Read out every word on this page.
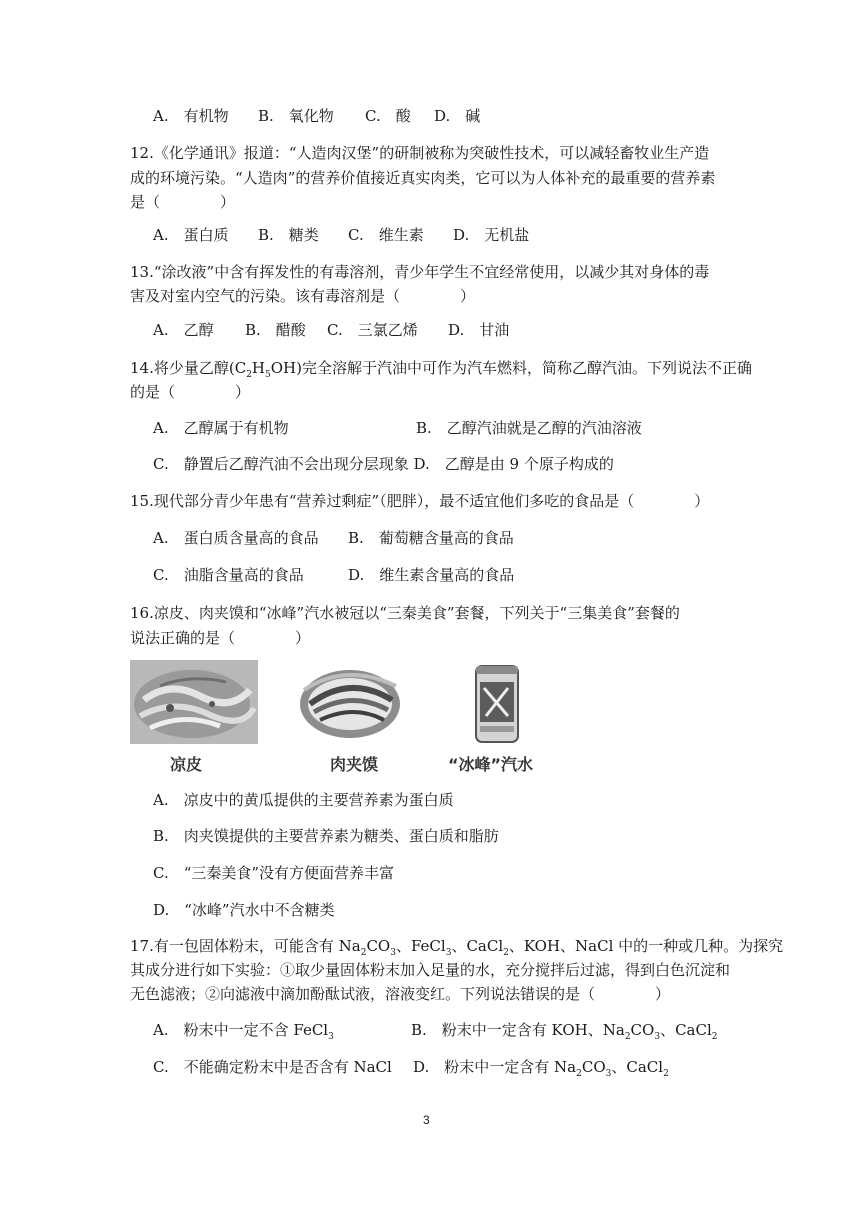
A.　有机物 B.　氧化物 C.　酸 D.　碱
12.《化学通讯》报道：“人造肉汉堡”的研制被称为突破性技术，可以减轻畜牧业生产造
成的环境污染。“人造肉”的营养价值接近真实肉类，它可以为人体补充的最重要的营养素
是（　　　　）
A.　蛋白质 B.　糖类 C.　维生素 D.　无机盐
13.“涂改液”中含有挥发性的有毒溶剂，青少年学生不宜经常使用，以减少其对身体的毒
害及对室内空气的污染。该有毒溶剂是（　　　　）
A.　乙醇 B.　醋酸 C.　三氯乙烯 D.　甘油
14.将少量乙醇$(C_2H_5OH)$完全溶解于汽油中可作为汽车燃料，简称乙醇汽油。下列说法不正确
的是（　　　　）
A.　乙醇属于有机物	B.　乙醇汽油就是乙醇的汽油溶液
C.　静置后乙醇汽油不会出现分层现象 D.　乙醇是由 9 个原子构成的
15.现代部分青少年患有“营养过剩症”（肥胖），最不适宜他们多吃的食品是（　　　　）
A.　蛋白质含量高的食品 B.　葡萄糖含量高的食品
C.　油脂含量高的食品	D.　维生素含量高的食品
16.凉皮、肉夹馍和“冰峰”汽水被冠以“三秦美食”套餐，下列关于“三集美食”套餐的
说法正确的是（　　　　）
凉皮	肉夹馍	“冰峰”汽水
A.　凉皮中的黄瓜提供的主要营养素为蛋白质
B.　肉夹馍提供的主要营养素为糖类、蛋白质和脂肪
C.　“三秦美食”没有方便面营养丰富
D.　“冰峰”汽水中不含糖类
17.有一包固体粉末，可能含有 $Na_2CO_3$、FeCl$_3$、CaCl$_2$、KOH、NaCl 中的一种或几种。为探究
其成分进行如下实验：①取少量固体粉末加入足量的水，充分搅拌后过滤，得到白色沉淀和
无色滤液；②向滤液中滴加酚酞试液，溶液变红。下列说法错误的是（　　　　）
A.　粉末中一定不含 FeCl$_3$	B.　粉末中一定含有 KOH、$Na_2CO_3$、CaCl$_2$
C.　不能确定粉末中是否含有 NaCl D.　粉末中一定含有 $Na_2CO_3$、CaCl$_2$
3
